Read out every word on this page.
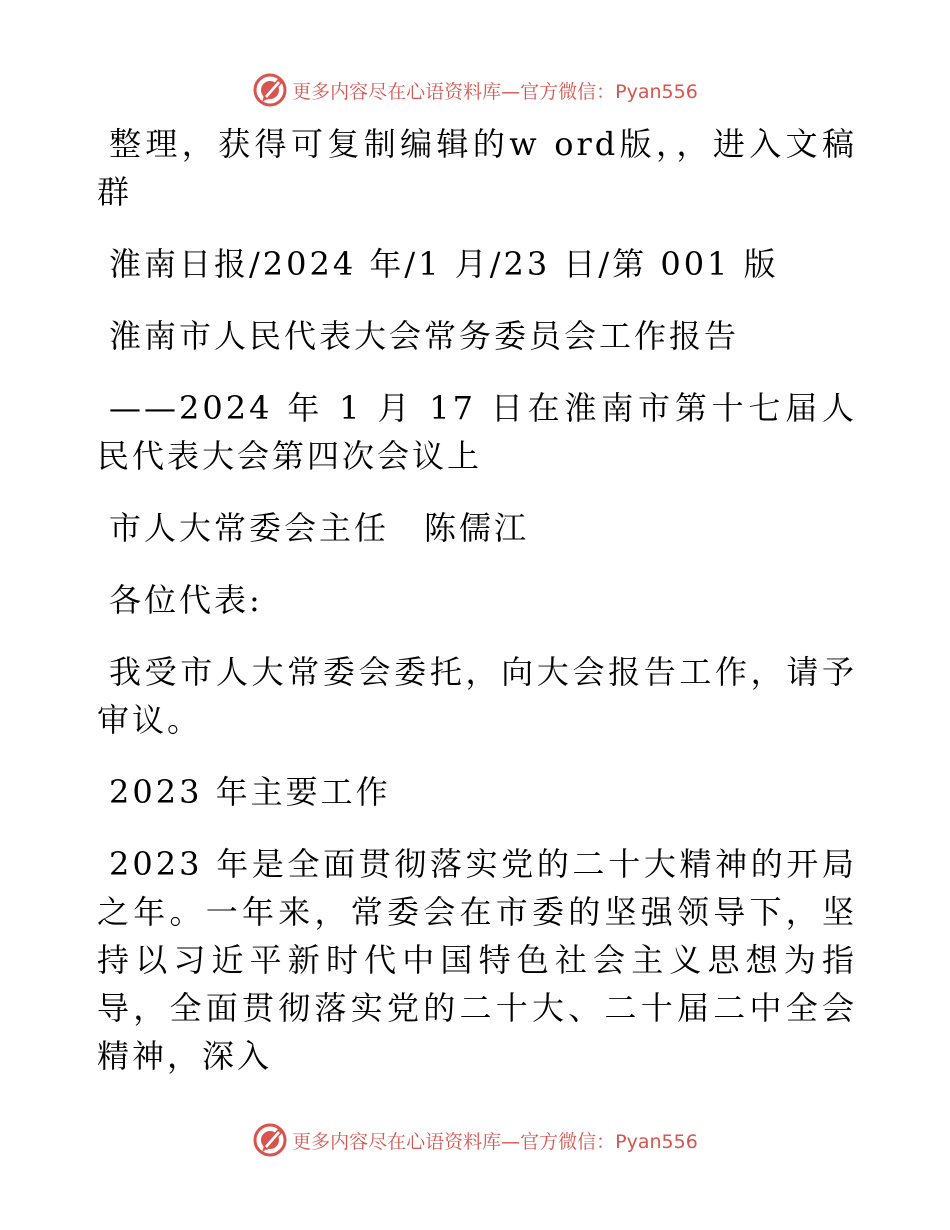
更多内容尽在心语资料库—官方微信：Pyan556

整理，获得可复制编辑的w ord版，，进入文稿群

淮南日报/2024 年/1 月/23 日/第 001 版

淮南市人民代表大会常务委员会工作报告

——2024 年 1 月 17 日在淮南市第十七届人民代表大会第四次会议上

市人大常委会主任　陈儒江

各位代表:

我受市人大常委会委托，向大会报告工作，请予审议。

2023 年主要工作

2023 年是全面贯彻落实党的二十大精神的开局之年。一年来，常委会在市委的坚强领导下，坚持以习近平新时代中国特色社会主义思想为指导，全面贯彻落实党的二十大、二十届二中全会精神，深入

更多内容尽在心语资料库—官方微信：Pyan556
